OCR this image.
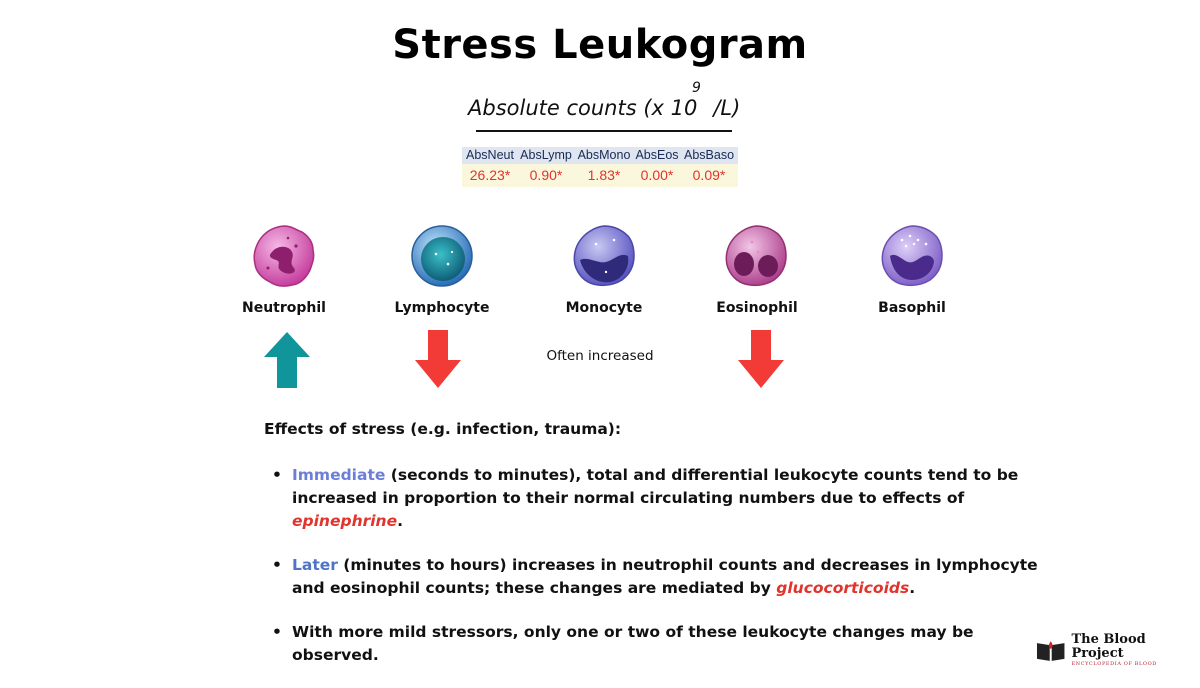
Stress Leukogram
Absolute counts (x 10
9
/L)
AbsNeut AbsLymp AbsMono AbsEos AbsBaso
26.23*	0.90*	1.83*	0.00*	0.09*
Neutrophil	Lymphocyte	Monocyte	Eosinophil	Basophil
Often increased
Effects of stress (e.g. infection, trauma):
• Immediate (seconds to minutes), total and differential leukocyte counts tend to be increased in proportion to their normal circulating numbers due to effects of epinephrine.
• Later (minutes to hours) increases in neutrophil counts and decreases in lymphocyte and eosinophil counts; these changes are mediated by glucocorticoids.
• With more mild stressors, only one or two of these leukocyte changes may be observed.
The Blood Project
ENCYCLOPEDIA OF BLOOD
